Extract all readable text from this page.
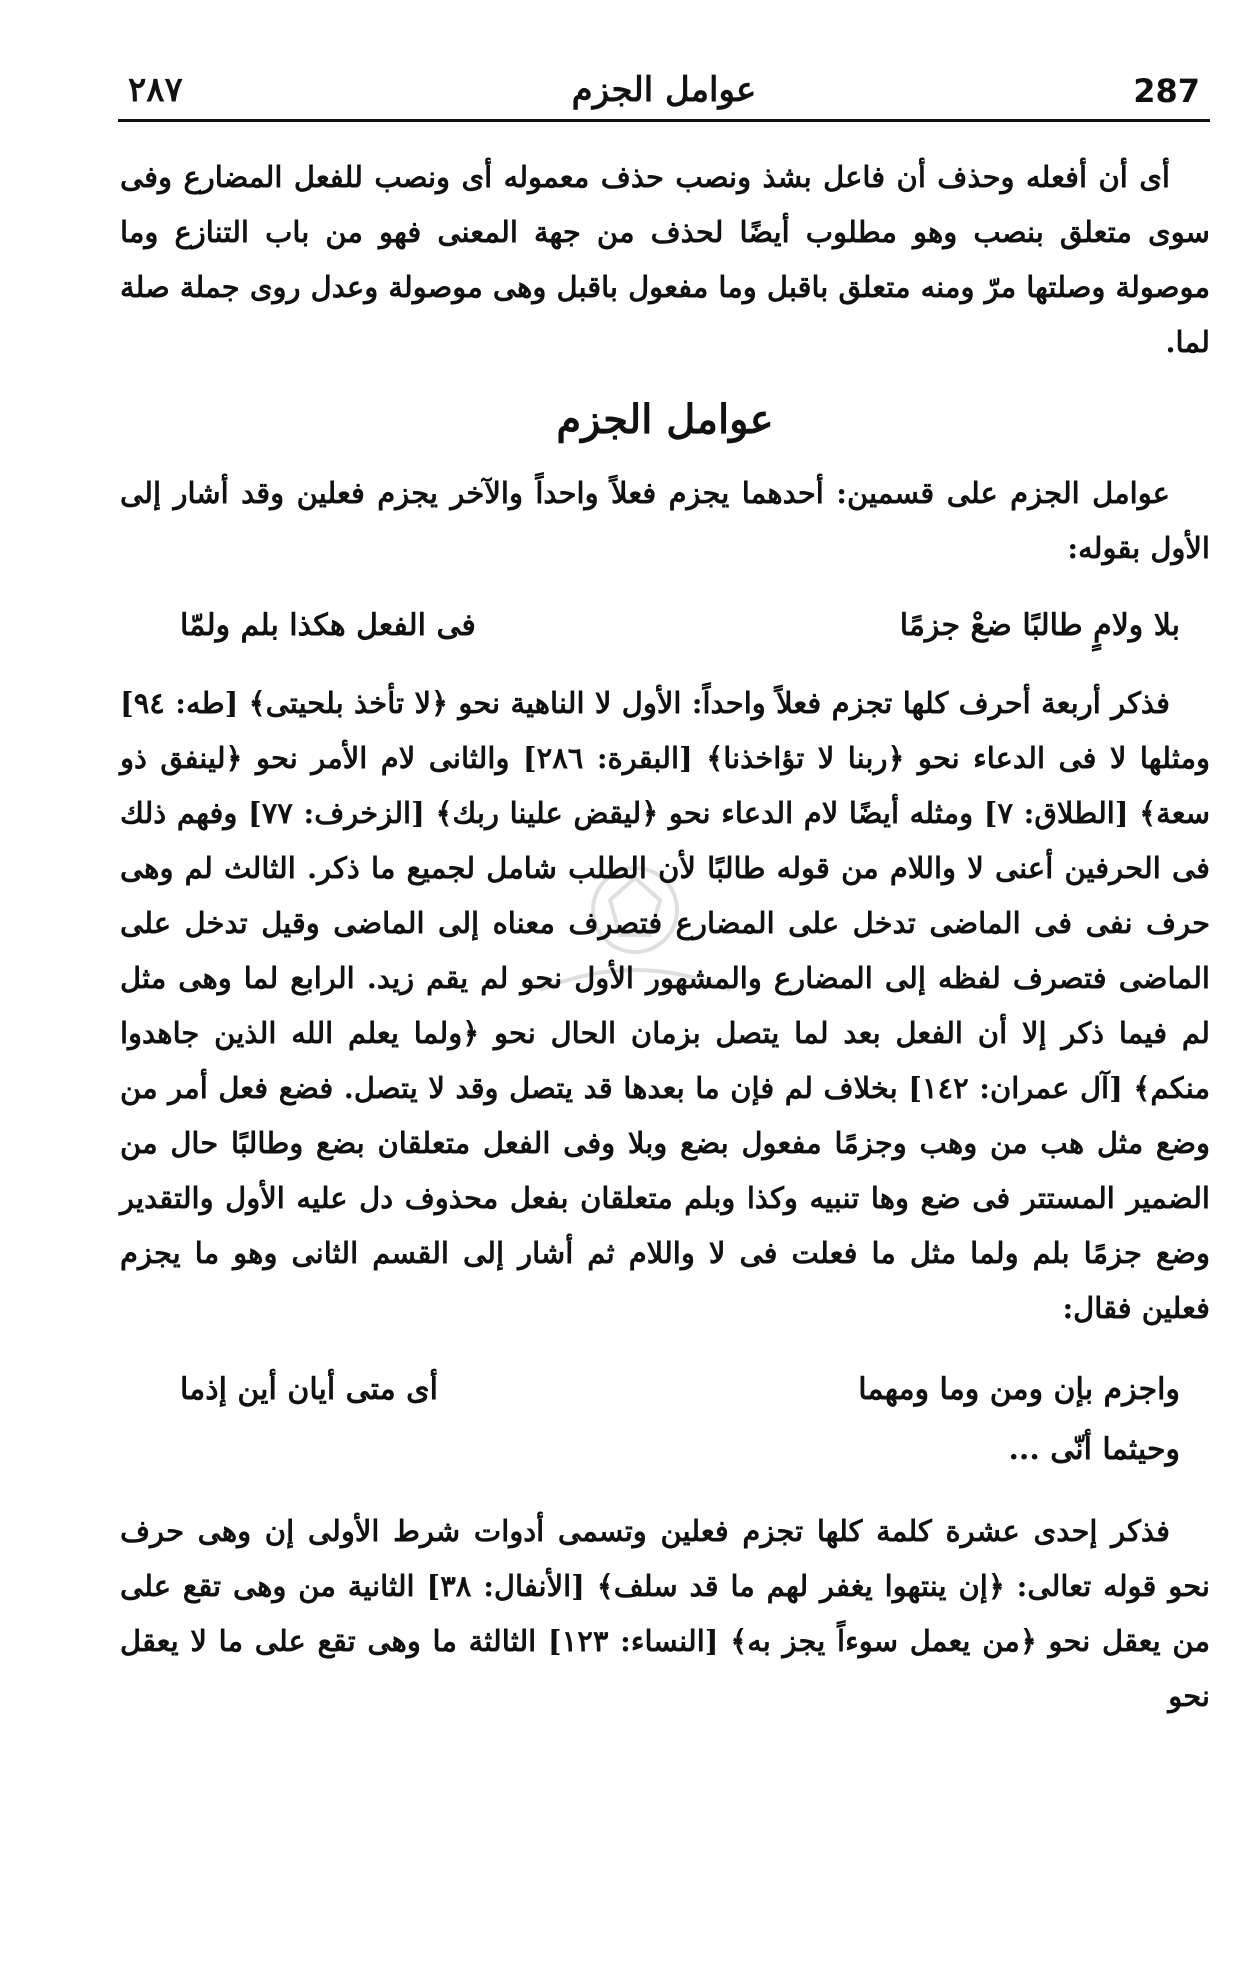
٢٨٧	عوامل الجزم	287

أى أن أفعله وحذف أن فاعل بشذ ونصب حذف معموله أى ونصب للفعل المضارع وفى سوى متعلق بنصب وهو مطلوب أيضًا لحذف من جهة المعنى فهو من باب التنازع وما موصولة وصلتها مرّ ومنه متعلق باقبل وما مفعول باقبل وهى موصولة وعدل روى جملة صلة لما.

عوامل الجزم

عوامل الجزم على قسمين: أحدهما يجزم فعلاً واحداً والآخر يجزم فعلين وقد أشار إلى الأول بقوله:

بلا ولامٍ طالبًا ضعْ جزمًا
فى الفعل هكذا بلم ولمّا

فذكر أربعة أحرف كلها تجزم فعلاً واحداً: الأول لا الناهية نحو ﴿لا تأخذ بلحيتى﴾ [طه: ٩٤] ومثلها لا فى الدعاء نحو ﴿ربنا لا تؤاخذنا﴾ [البقرة: ٢٨٦] والثانى لام الأمر نحو ﴿لينفق ذو سعة﴾ [الطلاق: ٧] ومثله أيضًا لام الدعاء نحو ﴿ليقض علينا ربك﴾ [الزخرف: ٧٧] وفهم ذلك فى الحرفين أعنى لا واللام من قوله طالبًا لأن الطلب شامل لجميع ما ذكر. الثالث لم وهى حرف نفى فى الماضى تدخل على المضارع فتصرف معناه إلى الماضى وقيل تدخل على الماضى فتصرف لفظه إلى المضارع والمشهور الأول نحو لم يقم زيد. الرابع لما وهى مثل لم فيما ذكر إلا أن الفعل بعد لما يتصل بزمان الحال نحو ﴿ولما يعلم الله الذين جاهدوا منكم﴾ [آل عمران: ١٤٢] بخلاف لم فإن ما بعدها قد يتصل وقد لا يتصل. فضع فعل أمر من وضع مثل هب من وهب وجزمًا مفعول بضع وبلا وفى الفعل متعلقان بضع وطالبًا حال من الضمير المستتر فى ضع وها تنبيه وكذا وبلم متعلقان بفعل محذوف دل عليه الأول والتقدير وضع جزمًا بلم ولما مثل ما فعلت فى لا واللام ثم أشار إلى القسم الثانى وهو ما يجزم فعلين فقال:

واجزم بإن ومن وما ومهما
أى متى أيان أين إذما
وحيثما أنّى ...

فذكر إحدى عشرة كلمة كلها تجزم فعلين وتسمى أدوات شرط الأولى إن وهى حرف نحو قوله تعالى: ﴿إن ينتهوا يغفر لهم ما قد سلف﴾ [الأنفال: ٣٨] الثانية من وهى تقع على من يعقل نحو ﴿من يعمل سوءاً يجز به﴾ [النساء: ١٢٣] الثالثة ما وهى تقع على ما لا يعقل نحو
